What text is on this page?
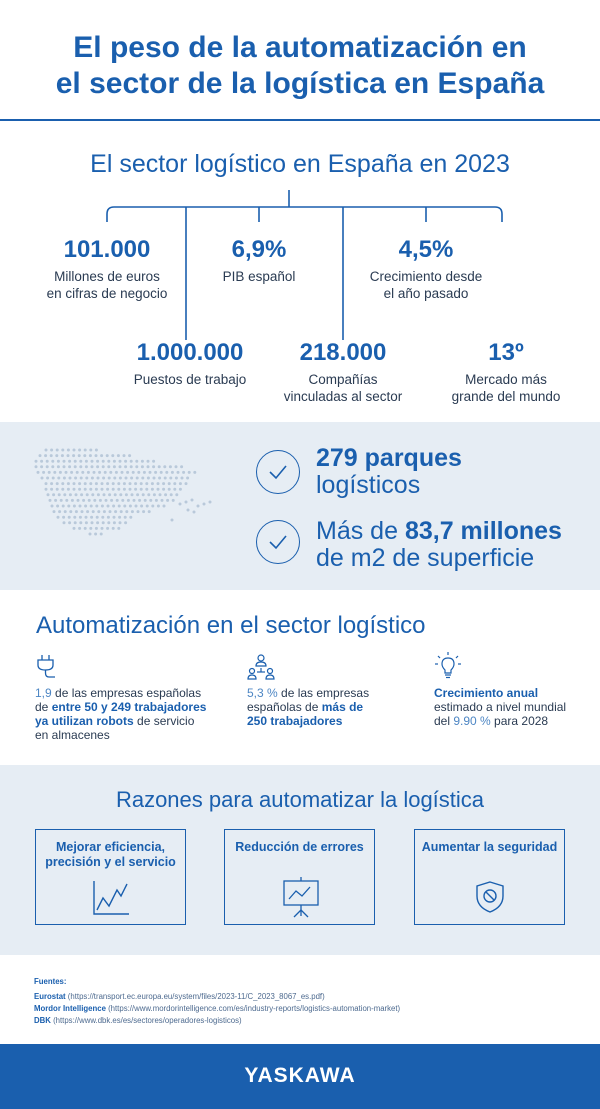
El peso de la automatización en
el sector de la logística en España
El sector logístico en España en 2023
101.000
Millones de euros
en cifras de negocio
6,9%
PIB español
4,5%
Crecimiento desde
el año pasado
1.000.000
Puestos de trabajo
218.000
Compañías
vinculadas al sector
13º
Mercado más
grande del mundo
279 parques
logísticos
Más de 83,7 millones
de m2 de superficie
Automatización en el sector logístico
1,9 de las empresas españolas
de entre 50 y 249 trabajadores
ya utilizan robots de servicio
en almacenes
5,3 % de las empresas
españolas de más de
250 trabajadores
Crecimiento anual
estimado a nivel mundial
del 9.90 % para 2028
Razones para automatizar la logística
Mejorar eficiencia,
precisión y el servicio
Reducción de errores	Aumentar la seguridad
Fuentes:
Eurostat (https://transport.ec.europa.eu/system/files/2023-11/C_2023_8067_es.pdf)
Mordor Intelligence (https://www.mordorintelligence.com/es/industry-reports/logistics-automation-market)
DBK (https://www.dbk.es/es/sectores/operadores-logisticos)
YASKAWA
